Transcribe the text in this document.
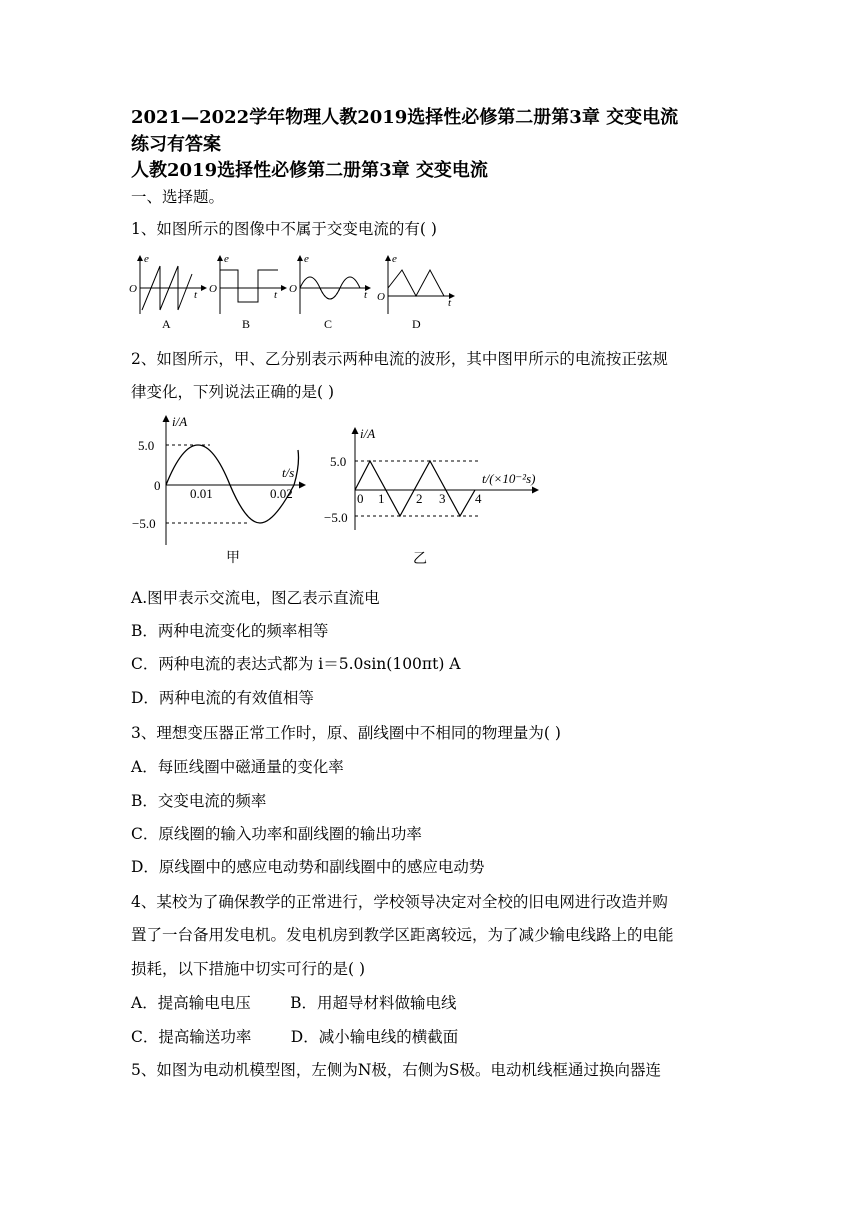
2021—2022学年物理人教2019选择性必修第二册第3章 交变电流
练习有答案
人教2019选择性必修第二册第3章 交变电流
一、选择题。
1、如图所示的图像中不属于交变电流的有( )
e
O	t
e
O	t
e
O	t
e
O	t
A	B	C	D
2、如图所示，甲、乙分别表示两种电流的波形，其中图甲所示的电流按正弦规
律变化，下列说法正确的是( )
i/A
5.0
0
−5.0
0.01	0.02
t/s
甲
i/A
5.0
−5.0
0 1 2 3 4
t/(×10⁻²s)
乙
A.图甲表示交流电，图乙表示直流电
B．两种电流变化的频率相等
C．两种电流的表达式都为 i＝5.0sin(100πt) A
D．两种电流的有效值相等
3、理想变压器正常工作时，原、副线圈中不相同的物理量为( )
A．每匝线圈中磁通量的变化率
B．交变电流的频率
C．原线圈的输入功率和副线圈的输出功率
D．原线圈中的感应电动势和副线圈中的感应电动势
4、某校为了确保教学的正常进行，学校领导决定对全校的旧电网进行改造并购
置了一台备用发电机。发电机房到教学区距离较远，为了减少输电线路上的电能
损耗，以下措施中切实可行的是( )
A．提高输电电压        B．用超导材料做输电线
C．提高输送功率        D．减小输电线的横截面
5、如图为电动机模型图，左侧为N极，右侧为S极。电动机线框通过换向器连
